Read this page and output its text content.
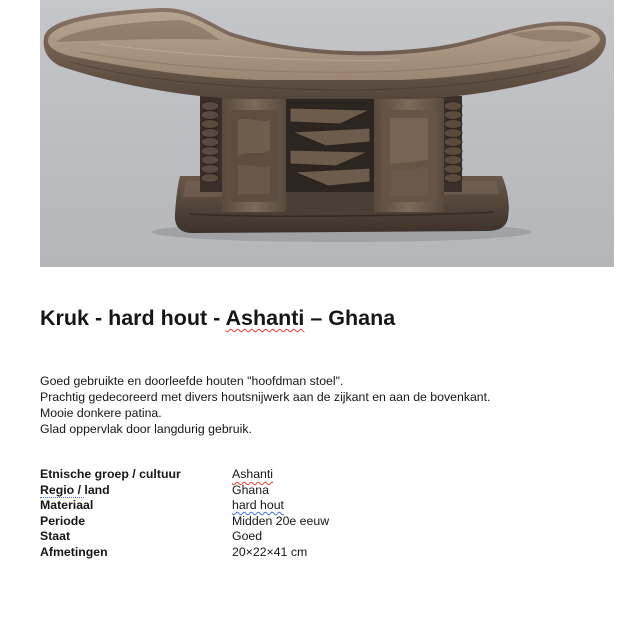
Kruk - hard hout - Ashanti – Ghana

Goed gebruikte en doorleefde houten "hoofdman stoel".

Prachtig gedecoreerd met divers houtsnijwerk aan de zijkant en aan de bovenkant.

Mooie donkere patina.

Glad oppervlak door langdurig gebruik.

Etnische groep / cultuur	Ashanti
Regio / land	Ghana
Materiaal	hard hout
Periode	Midden 20e eeuw
Staat	Goed
Afmetingen	20×22×41 cm
